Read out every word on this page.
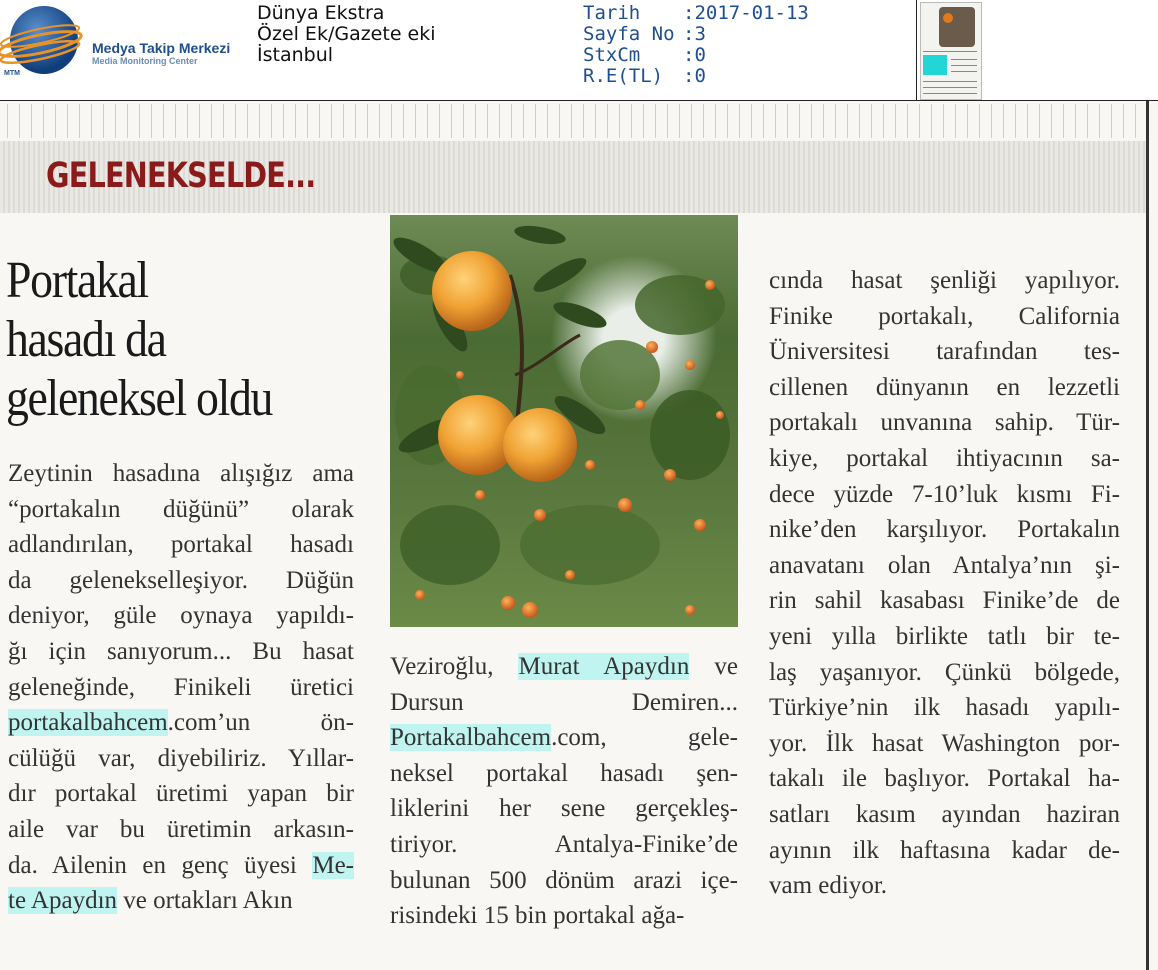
Medya Takip Merkezi
Media Monitoring Center
MTM
Dünya Ekstra
Özel Ek/Gazete eki
İstanbul
Tarih :2017-01-13
Sayfa No :3
StxCm :0
R.E(TL) :0
GELENEKSELDE...
Portakal
hasadı da
geleneksel oldu
Zeytinin hasadına alışığız ama
“portakalın düğünü” olarak
adlandırılan, portakal hasadı
da gelenekselleşiyor. Düğün
deniyor, güle oynaya yapıldı-
ğı için sanıyorum... Bu hasat
geleneğinde, Finikeli üretici
portakalbahcem.com’un ön-
cülüğü var, diyebiliriz. Yıllar-
dır portakal üretimi yapan bir
aile var bu üretimin arkasın-
da. Ailenin en genç üyesi Me-
te Apaydın ve ortakları Akın
Veziroğlu, Murat Apaydın ve
Dursun Demiren...
Portakalbahcem.com, gele-
neksel portakal hasadı şen-
liklerini her sene gerçekleş-
tiriyor. Antalya-Finike’de
bulunan 500 dönüm arazi içe-
risindeki 15 bin portakal ağa-
cında hasat şenliği yapılıyor.
Finike portakalı, California
Üniversitesi tarafından tes-
cillenen dünyanın en lezzetli
portakalı unvanına sahip. Tür-
kiye, portakal ihtiyacının sa-
dece yüzde 7-10’luk kısmı Fi-
nike’den karşılıyor. Portakalın
anavatanı olan Antalya’nın şi-
rin sahil kasabası Finike’de de
yeni yılla birlikte tatlı bir te-
laş yaşanıyor. Çünkü bölgede,
Türkiye’nin ilk hasadı yapılı-
yor. İlk hasat Washington por-
takalı ile başlıyor. Portakal ha-
satları kasım ayından haziran
ayının ilk haftasına kadar de-
vam ediyor.
